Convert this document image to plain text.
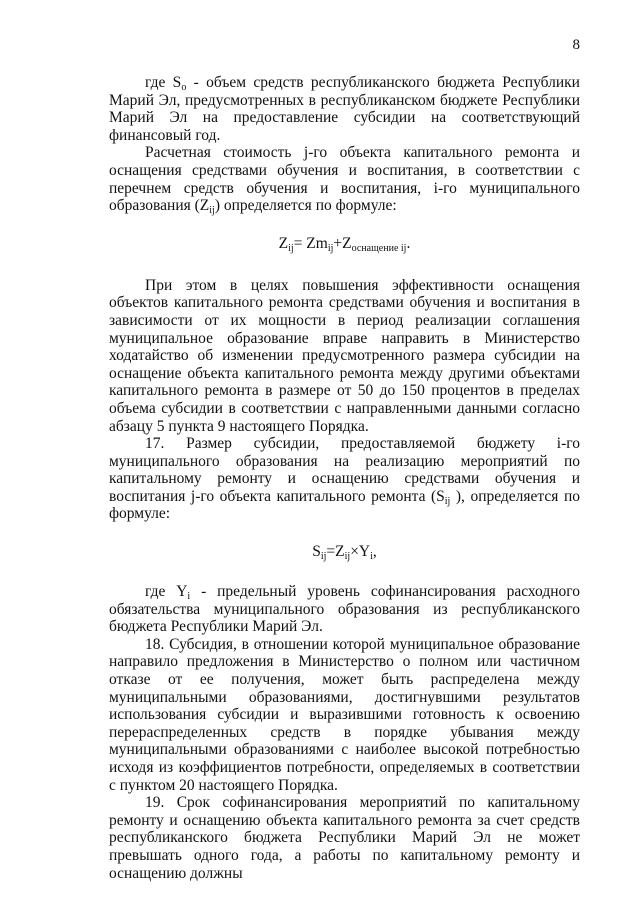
8

где $S_o$ - объем средств республиканского бюджета Республики Марий Эл, предусмотренных в республиканском бюджете Республики Марий Эл на предоставление субсидии на соответствующий финансовый год.

Расчетная стоимость j-го объекта капитального ремонта и оснащения средствами обучения и воспитания, в соответствии с перечнем средств обучения и воспитания, i-го муниципального образования $(Z_{ij})$ определяется по формуле:

$Z_{ij}= Zm_{ij}+Z_{оснащение ij}$.

При этом в целях повышения эффективности оснащения объектов капитального ремонта средствами обучения и воспитания в зависимости от их мощности в период реализации соглашения муниципальное образование вправе направить в Министерство ходатайство об изменении предусмотренного размера субсидии на оснащение объекта капитального ремонта между другими объектами капитального ремонта в размере от 50 до 150 процентов в пределах объема субсидии в соответствии с направленными данными согласно абзацу 5 пункта 9 настоящего Порядка.

17. Размер субсидии, предоставляемой бюджету i-го муниципального образования на реализацию мероприятий по капитальному ремонту и оснащению средствами обучения и воспитания j-го объекта капитального ремонта ($S_{ij}$ ), определяется по формуле:

$S_{ij}=Z_{ij}\times Y_i$,

где $Y_i$ - предельный уровень софинансирования расходного обязательства муниципального образования из республиканского бюджета Республики Марий Эл.

18. Субсидия, в отношении которой муниципальное образование направило предложения в Министерство о полном или частичном отказе от ее получения, может быть распределена между муниципальными образованиями, достигнувшими результатов использования субсидии и выразившими готовность к освоению перераспределенных средств в порядке убывания между муниципальными образованиями с наиболее высокой потребностью исходя из коэффициентов потребности, определяемых в соответствии с пунктом 20 настоящего Порядка.

19. Срок софинансирования мероприятий по капитальному ремонту и оснащению объекта капитального ремонта за счет средств республиканского бюджета Республики Марий Эл не может превышать одного года, а работы по капитальному ремонту и оснащению должны
